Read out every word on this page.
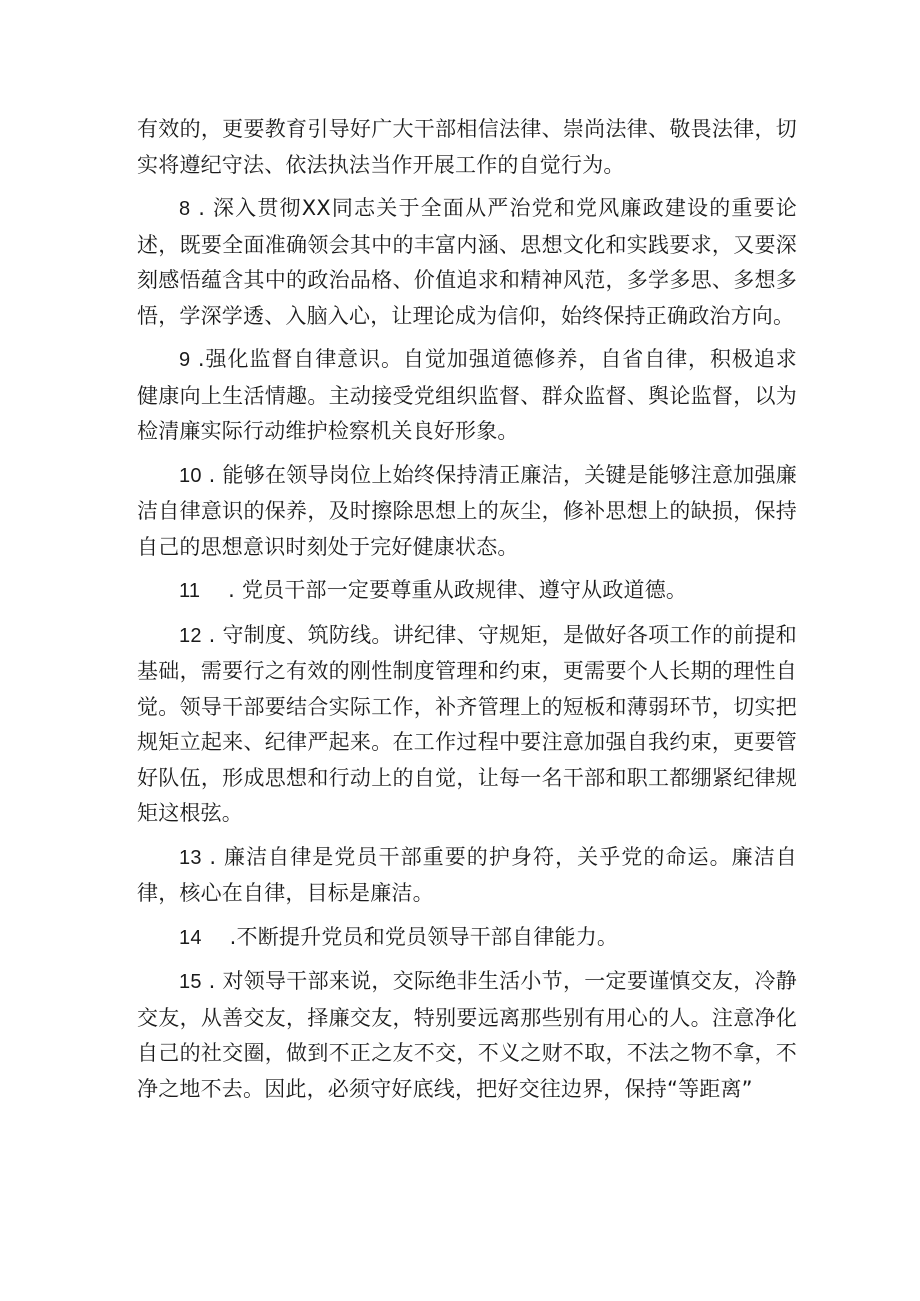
有效的，更要教育引导好广大干部相信法律、崇尚法律、敬畏法律，切实将遵纪守法、依法执法当作开展工作的自觉行为。

8 . 深入贯彻XX同志关于全面从严治党和党风廉政建设的重要论述，既要全面准确领会其中的丰富内涵、思想文化和实践要求，又要深刻感悟蕴含其中的政治品格、价值追求和精神风范，多学多思、多想多悟，学深学透、入脑入心，让理论成为信仰，始终保持正确政治方向。

9 .强化监督自律意识。自觉加强道德修养，自省自律，积极追求健康向上生活情趣。主动接受党组织监督、群众监督、舆论监督，以为检清廉实际行动维护检察机关良好形象。

10 . 能够在领导岗位上始终保持清正廉洁，关键是能够注意加强廉洁自律意识的保养，及时擦除思想上的灰尘，修补思想上的缺损，保持自己的思想意识时刻处于完好健康状态。

11 . 党员干部一定要尊重从政规律、遵守从政道德。

12 . 守制度、筑防线。讲纪律、守规矩，是做好各项工作的前提和基础，需要行之有效的刚性制度管理和约束，更需要个人长期的理性自觉。领导干部要结合实际工作，补齐管理上的短板和薄弱环节，切实把规矩立起来、纪律严起来。在工作过程中要注意加强自我约束，更要管好队伍，形成思想和行动上的自觉，让每一名干部和职工都绷紧纪律规矩这根弦。

13 . 廉洁自律是党员干部重要的护身符，关乎党的命运。廉洁自律，核心在自律，目标是廉洁。

14 .不断提升党员和党员领导干部自律能力。

15 . 对领导干部来说，交际绝非生活小节，一定要谨慎交友，冷静交友，从善交友，择廉交友，特别要远离那些别有用心的人。注意净化自己的社交圈，做到不正之友不交，不义之财不取，不法之物不拿，不净之地不去。因此，必须守好底线，把好交往边界，保持“等距离”
